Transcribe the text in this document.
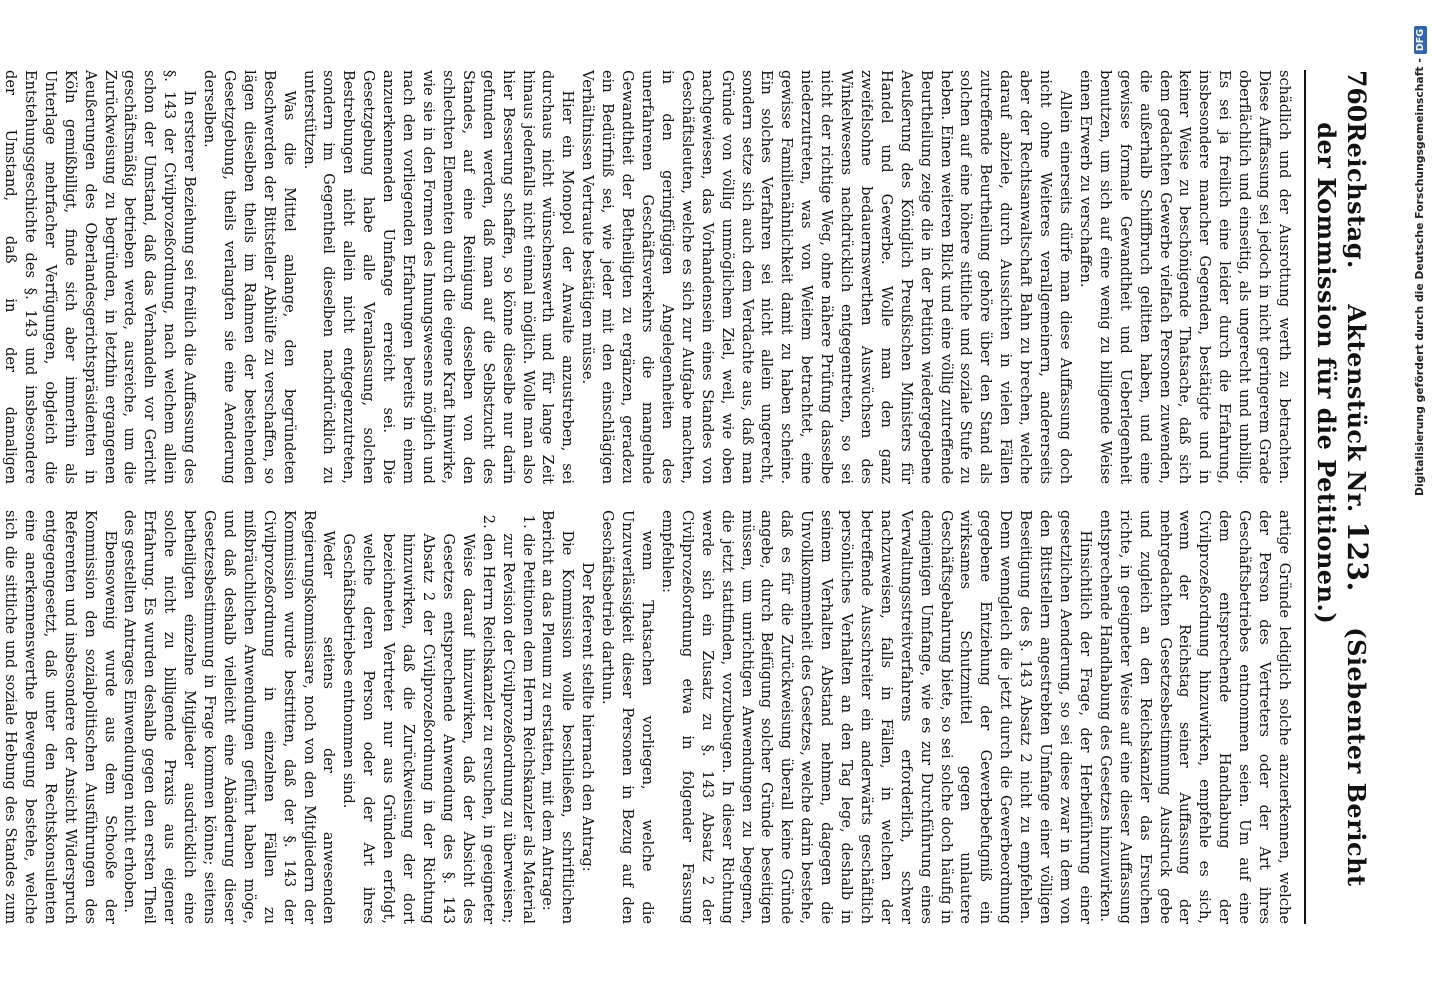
760
Reichstag.    Aktenstück Nr. 123.    (Siebenter Bericht der Kommission für die Petitionen.)

schädlich und der Ausrottung werth zu betrachten. Diese Auffassung sei jedoch in nicht geringerem Grade oberflächlich und einseitig, als ungerecht und unbillig. Es sei ja freilich eine leider durch die Erfahrung, insbesondere mancher Gegenden, bestätigte und in keiner Weise zu beschönigende Thatsache, daß sich dem gedachten Gewerbe vielfach Personen zuwenden, die außerhalb Schiffbruch gelitten haben, und eine gewisse formale Gewandtheit und Ueberlegenheit benutzen, um sich auf eine wenig zu billigende Weise einen Erwerb zu verschaffen.

Allein einerseits dürfe man diese Auffassung doch nicht ohne Weiteres verallgemeinern, andererseits aber der Rechtsanwaltschaft Bahn zu brechen, welche darauf abziele, durch Aussichten in vielen Fällen zutreffende Beurtheilung gehöre über den Stand als solchen auf eine höhere sittliche und soziale Stufe zu heben. Einen weiteren Blick und eine völlig zutreffende Beurtheilung zeige die in der Petition wiedergegebene Aeußerung des Königlich Preußischen Ministers für Handel und Gewerbe. Wolle man den ganz zweifelsohne bedauernswerthen Auswüchsen des Winkelwesens nachdrücklich entgegentreten, so sei nicht der richtige Weg, ohne nähere Prüfung dasselbe niederzutreten, was von Weitem betrachtet, eine gewisse Familienähnlichkeit damit zu haben scheine. Ein solches Verfahren sei nicht allein ungerecht, sondern setze sich auch dem Verdachte aus, daß man Gründe von völlig unmöglichem Ziel, weil, wie oben nachgewiesen, das Vorhandensein eines Standes von Geschäftsleuten, welche es sich zur Aufgabe machten, in den geringfügigen Angelegenheiten des unerfahrenen Geschäftsverkehrs die mangelnde Gewandtheit der Betheiligten zu ergänzen, geradezu ein Bedürfniß sei, wie jeder mit den einschlägigen Verhältnissen Vertraute bestätigen müsse.

Hier ein Monopol der Anwalte anzustreben, sei durchaus nicht wünschenswerth und für lange Zeit hinaus jedenfalls nicht einmal möglich. Wolle man also hier Besserung schaffen, so könne dieselbe nur darin gefunden werden, daß man auf die Selbstzucht des Standes, auf eine Reinigung desselben von den schlechten Elementen durch die eigene Kraft hinwirke, wie sie in den Formen des Innungswesens möglich und nach den vorliegenden Erfahrungen bereits in einem anzuerkennenden Umfange erreicht sei. Die Gesetzgebung habe alle Veranlassung, solchen Bestrebungen nicht allein nicht entgegenzutreten, sondern im Gegentheil dieselben nachdrücklich zu unterstützen.

Was die Mittel anlange, den begründeten Beschwerden der Bittsteller Abhülfe zu verschaffen, so lägen dieselben theils im Rahmen der bestehenden Gesetzgebung, theils verlangten sie eine Aenderung derselben.

In ersterer Beziehung sei freilich die Auffassung des §. 143 der Civilprozeßordnung, nach welchem allein schon der Umstand, daß das Verhandeln vor Gericht geschäftsmäßig betrieben werde, ausreiche, um die Zurückweisung zu begründen, in letzthin ergangenen Aeußerungen des Oberlandesgerichtspräsidenten in Köln gemißbilligt, finde sich aber immerhin als Unterlage mehrfacher Verfügungen, obgleich die Entstehungsgeschichte des §. 143 und insbesondere der Umstand, daß in der damaligen

artige Gründe lediglich solche anzuerkennen, welche der Person des Vertreters oder der Art ihres Geschäftsbetriebes entnommen seien. Um auf eine dem entsprechende Handhabung der Civilprozeßordnung hinzuwirken, empfehle es sich, wenn der Reichstag seiner Auffassung der mehrgedachten Gesetzesbestimmung Ausdruck gebe und zugleich an den Reichskanzler das Ersuchen richte, in geeigneter Weise auf eine dieser Auffassung entsprechende Handhabung des Gesetzes hinzuwirken.

Hinsichtlich der Frage, der Herbeiführung einer gesetzlichen Aenderung, so sei diese zwar in dem von den Bittstellern angestrebten Umfange einer völligen Beseitigung des §. 143 Absatz 2 nicht zu empfehlen. Denn wenngleich die jetzt durch die Gewerbeordnung gegebene Entziehung der Gewerbebefugniß ein wirksames Schutzmittel gegen unlautere Geschäftsgebahrung biete, so sei solche doch häufig in demjenigen Umfange, wie es zur Durchführung eines Verwaltungsstreitverfahrens erforderlich, schwer nachzuweisen, falls in Fällen, in welchen der betreffende Ausschreiter ein anderwärts geschäftlich persönliches Verhalten an den Tag lege, deshalb in seinem Verhalten Abstand nehmen, dagegen die Unvollkommenheit des Gesetzes, welche darin bestehe, daß es für die Zurückweisung überall keine Gründe angebe, durch Beifügung solcher Gründe beseitigen müssen, um unrichtigen Anwendungen zu begegnen, die jetzt stattfinden, vorzubeugen. In dieser Richtung werde sich ein Zusatz zu §. 143 Absatz 2 der Civilprozeßordnung etwa in folgender Fassung empfehlen:

wenn Thatsachen vorliegen, welche die Unzuverlässigkeit dieser Personen in Bezug auf den Geschäftsbetrieb darthun.

Der Referent stellte hiernach den Antrag:

Die Kommission wolle beschließen, schriftlichen Bericht an das Plenum zu erstatten, mit dem Antrage:

1. die Petitionen dem Herrn Reichskanzler als Material zur Revision der Civilprozeßordnung zu überweisen;
2. den Herrn Reichskanzler zu ersuchen, in geeigneter Weise darauf hinzuwirken, daß der Absicht des Gesetzes entsprechende Anwendung des §. 143 Absatz 2 der Civilprozeßordnung in der Richtung hinzuwirken, daß die Zurückweisung der dort bezeichneten Vertreter nur aus Gründen erfolgt, welche deren Person oder der Art ihres Geschäftsbetriebes entnommen sind.

Weder seitens der anwesenden Regierungskommissare, noch von den Mitgliedern der Kommission wurde bestritten, daß der §. 143 der Civilprozeßordnung in einzelnen Fällen zu mißbräuchlichen Anwendungen geführt haben möge, und daß deshalb vielleicht eine Abänderung dieser Gesetzesbestimmung in Frage kommen könne; seitens betheiligten einzelne Mitglieder ausdrücklich eine solche nicht zu billigende Praxis aus eigener Erfahrung. Es wurden deshalb gegen den ersten Theil des gestellten Antrages Einwendungen nicht erhoben.

Ebensowenig wurde aus dem Schooße der Kommission den sozialpolitischen Ausführungen des Referenten und insbesondere der Ansicht Widerspruch entgegengesetzt, daß unter den Rechtskonsulenten eine anerkennenswerthe Bewegung bestehe, welche sich die sittliche und soziale Hebung des Standes zum

Digitalisierung gefördert durch die Deutsche Forschungsgemeinschaft -DFG
